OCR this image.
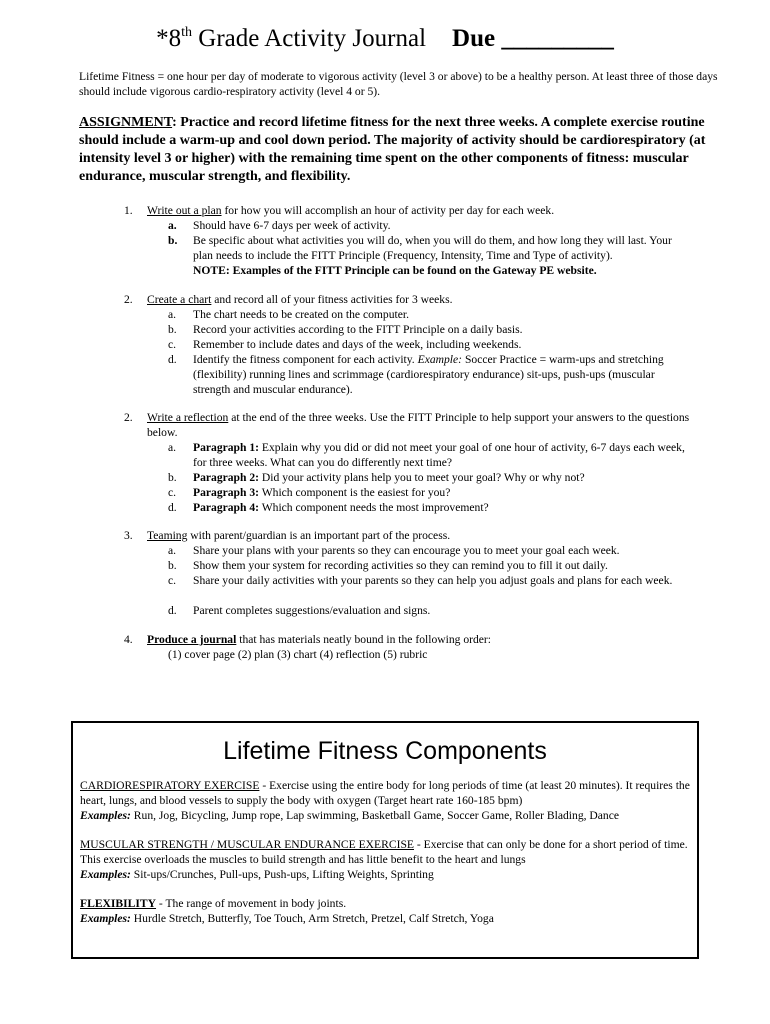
*8th Grade Activity Journal Due _________
Lifetime Fitness = one hour per day of moderate to vigorous activity (level 3 or above) to be a healthy person. At least three of those days should include vigorous cardio-respiratory activity (level 4 or 5).
ASSIGNMENT: Practice and record lifetime fitness for the next three weeks. A complete exercise routine should include a warm-up and cool down period. The majority of activity should be cardiorespiratory (at intensity level 3 or higher) with the remaining time spent on the other components of fitness: muscular endurance, muscular strength, and flexibility.
1. Write out a plan for how you will accomplish an hour of activity per day for each week.
a.	Should have 6-7 days per week of activity.
b.	Be specific about what activities you will do, when you will do them, and how long they will last. Your plan needs to include the FITT Principle (Frequency, Intensity, Time and Type of activity).
NOTE: Examples of the FITT Principle can be found on the Gateway PE website.
2. Create a chart and record all of your fitness activities for 3 weeks.
a.	The chart needs to be created on the computer.
b.	Record your activities according to the FITT Principle on a daily basis.
c.	Remember to include dates and days of the week, including weekends.
d.	Identify the fitness component for each activity. Example: Soccer Practice = warm-ups and stretching (flexibility) running lines and scrimmage (cardiorespiratory endurance) sit-ups, push-ups (muscular strength and muscular endurance).
2. Write a reflection at the end of the three weeks. Use the FITT Principle to help support your answers to the questions below.
a.	Paragraph 1: Explain why you did or did not meet your goal of one hour of activity, 6-7 days each week, for three weeks. What can you do differently next time?
b.	Paragraph 2: Did your activity plans help you to meet your goal? Why or why not?
c.	Paragraph 3: Which component is the easiest for you?
d.	Paragraph 4: Which component needs the most improvement?
3. Teaming with parent/guardian is an important part of the process.
a.	Share your plans with your parents so they can encourage you to meet your goal each week.
b.	Show them your system for recording activities so they can remind you to fill it out daily.
c.	Share your daily activities with your parents so they can help you adjust goals and plans for each week.
d.	Parent completes suggestions/evaluation and signs.
4. Produce a journal that has materials neatly bound in the following order:
(1) cover page (2) plan (3) chart (4) reflection (5) rubric
Lifetime Fitness Components
CARDIORESPIRATORY EXERCISE - Exercise using the entire body for long periods of time (at least 20 minutes). It requires the heart, lungs, and blood vessels to supply the body with oxygen (Target heart rate 160-185 bpm)
Examples: Run, Jog, Bicycling, Jump rope, Lap swimming, Basketball Game, Soccer Game, Roller Blading, Dance
MUSCULAR STRENGTH / MUSCULAR ENDURANCE EXERCISE - Exercise that can only be done for a short period of time. This exercise overloads the muscles to build strength and has little benefit to the heart and lungs
Examples: Sit-ups/Crunches, Pull-ups, Push-ups, Lifting Weights, Sprinting
FLEXIBILITY - The range of movement in body joints.
Examples: Hurdle Stretch, Butterfly, Toe Touch, Arm Stretch, Pretzel, Calf Stretch, Yoga
